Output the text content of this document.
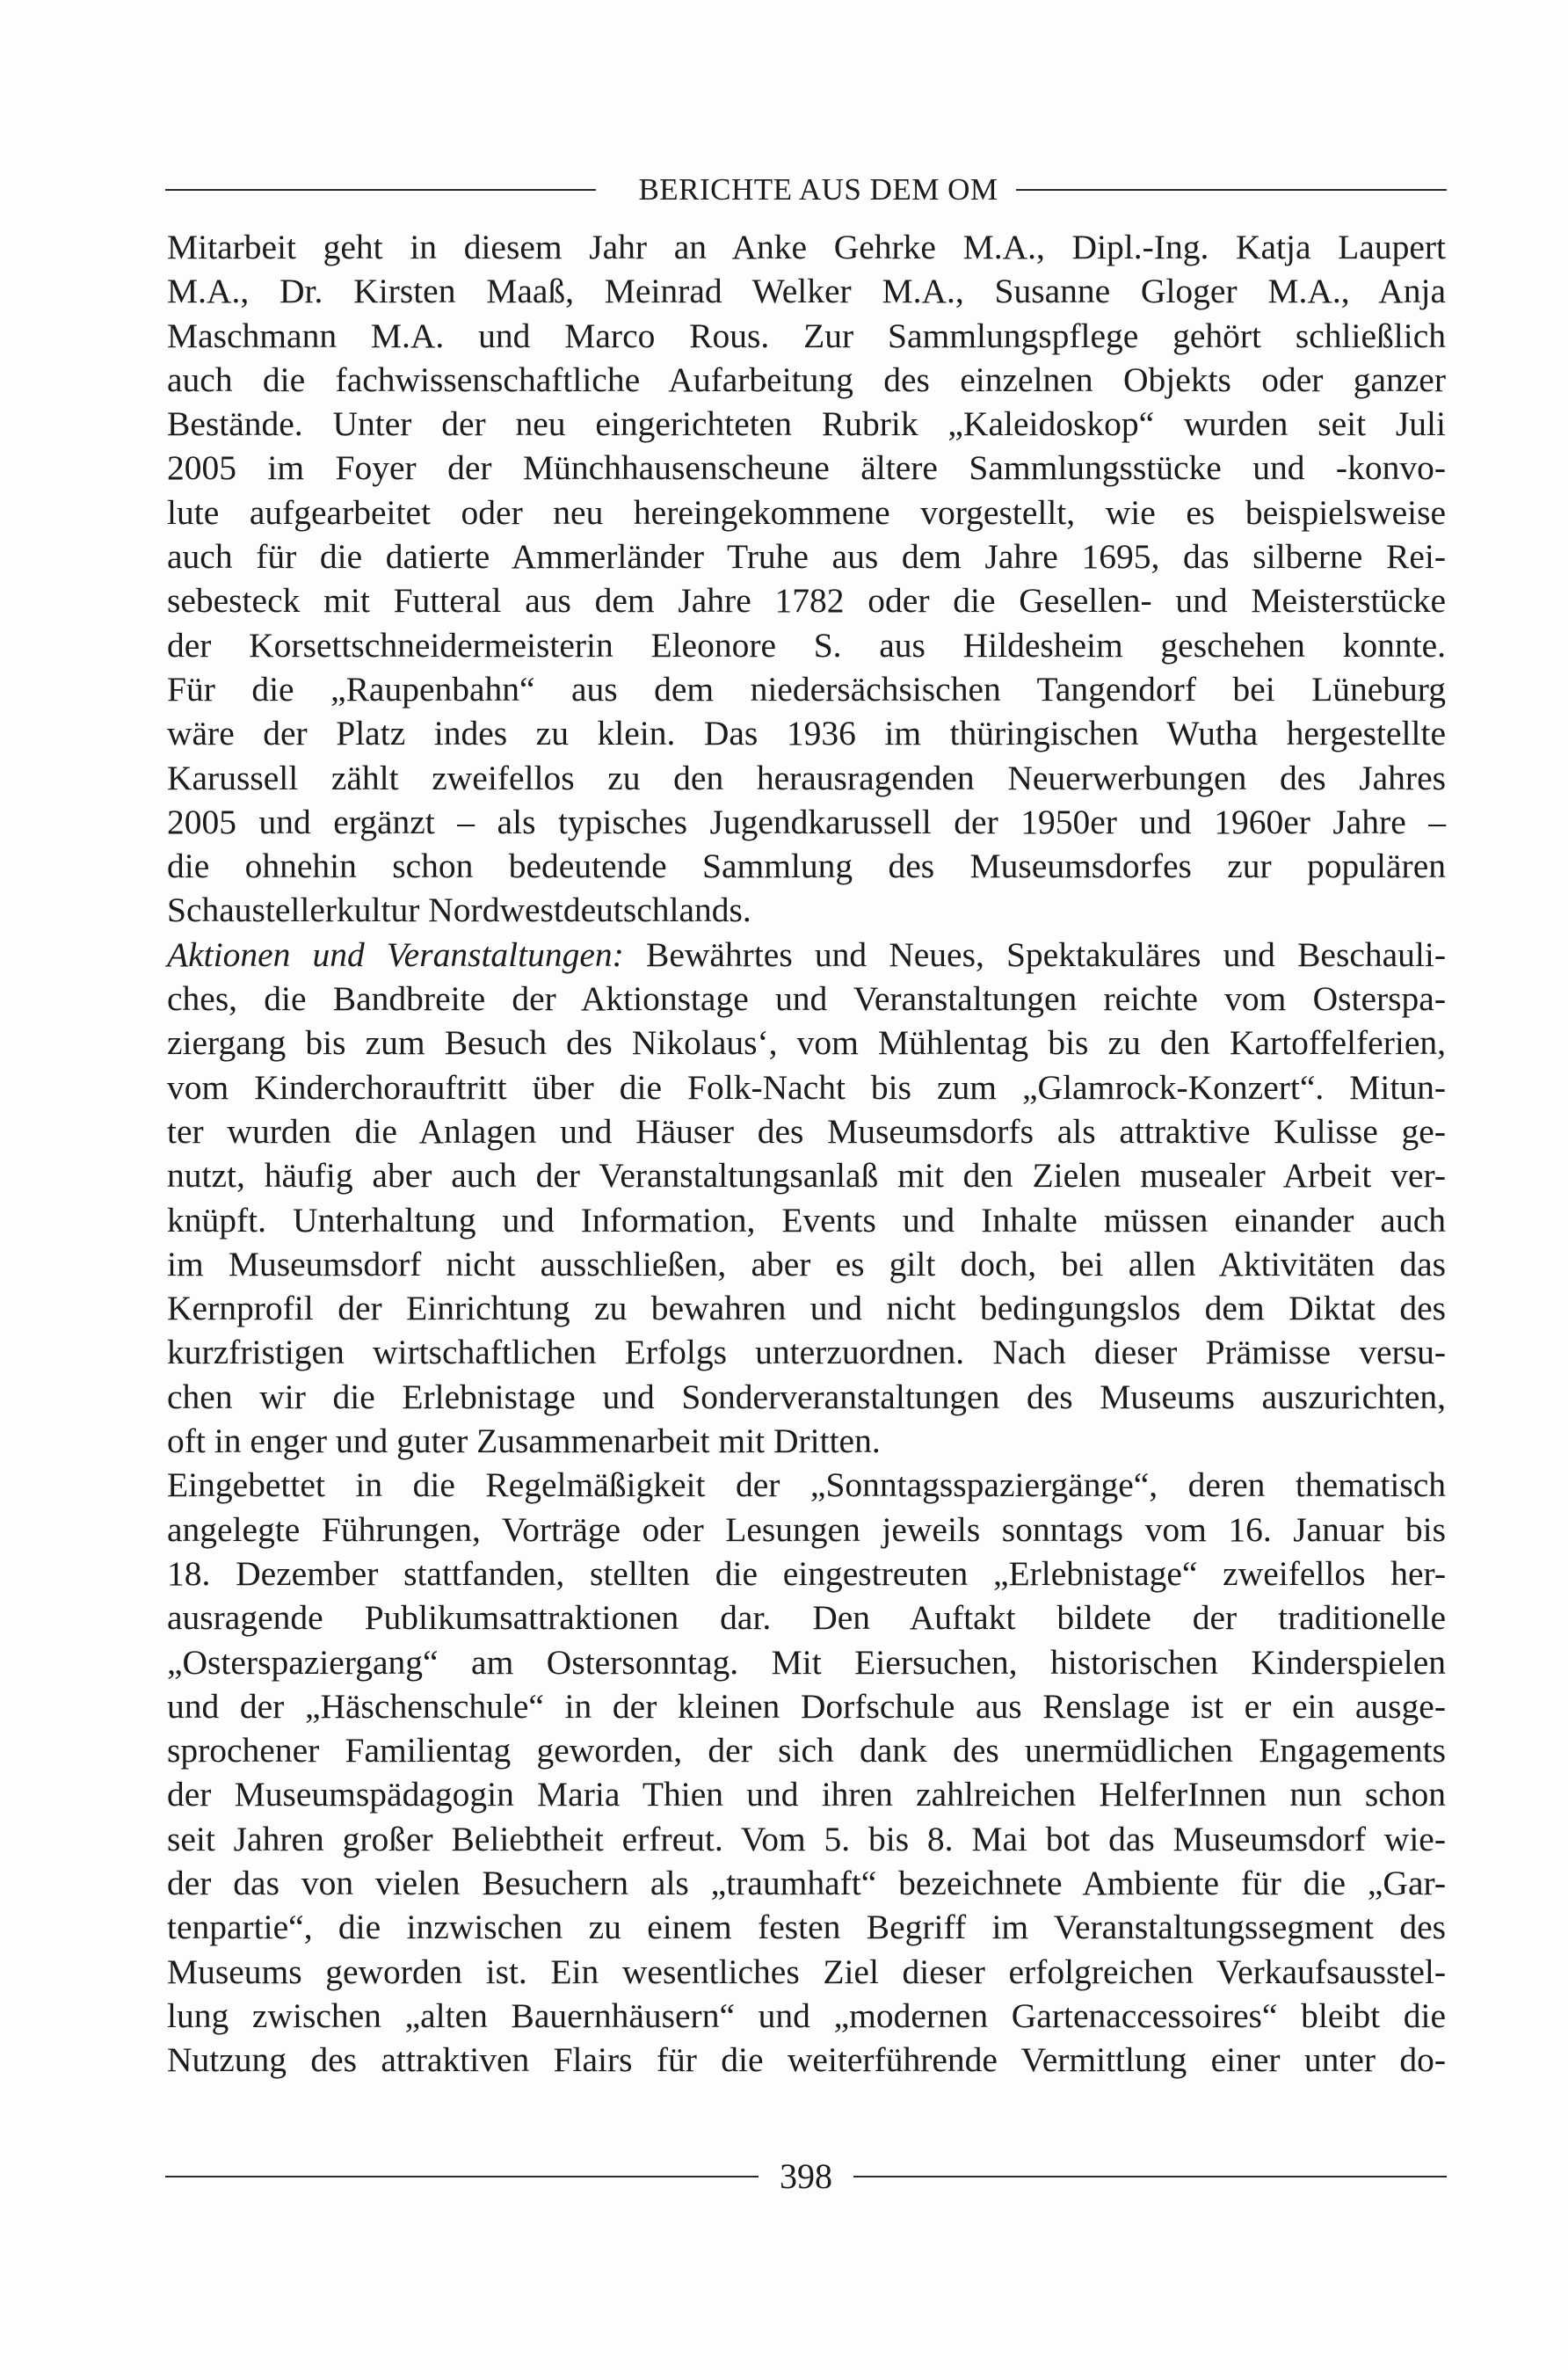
BERICHTE AUS DEM OM
Mitarbeit geht in diesem Jahr an Anke Gehrke M.A., Dipl.-Ing. Katja Laupert
M.A., Dr. Kirsten Maaß, Meinrad Welker M.A., Susanne Gloger M.A., Anja
Maschmann M.A. und Marco Rous. Zur Sammlungspflege gehört schließlich
auch die fachwissenschaftliche Aufarbeitung des einzelnen Objekts oder ganzer
Bestände. Unter der neu eingerichteten Rubrik „Kaleidoskop“ wurden seit Juli
2005 im Foyer der Münchhausenscheune ältere Sammlungsstücke und -konvo-
lute aufgearbeitet oder neu hereingekommene vorgestellt, wie es beispielsweise
auch für die datierte Ammerländer Truhe aus dem Jahre 1695, das silberne Rei-
sebesteck mit Futteral aus dem Jahre 1782 oder die Gesellen- und Meisterstücke
der Korsettschneidermeisterin Eleonore S. aus Hildesheim geschehen konnte.
Für die „Raupenbahn“ aus dem niedersächsischen Tangendorf bei Lüneburg
wäre der Platz indes zu klein. Das 1936 im thüringischen Wutha hergestellte
Karussell zählt zweifellos zu den herausragenden Neuerwerbungen des Jahres
2005 und ergänzt – als typisches Jugendkarussell der 1950er und 1960er Jahre –
die ohnehin schon bedeutende Sammlung des Museumsdorfes zur populären
Schaustellerkultur Nordwestdeutschlands.
Aktionen und Veranstaltungen: Bewährtes und Neues, Spektakuläres und Beschauli-
ches, die Bandbreite der Aktionstage und Veranstaltungen reichte vom Osterspa-
ziergang bis zum Besuch des Nikolaus‘, vom Mühlentag bis zu den Kartoffelferien,
vom Kinderchorauftritt über die Folk-Nacht bis zum „Glamrock-Konzert“. Mitun-
ter wurden die Anlagen und Häuser des Museumsdorfs als attraktive Kulisse ge-
nutzt, häufig aber auch der Veranstaltungsanlaß mit den Zielen musealer Arbeit ver-
knüpft. Unterhaltung und Information, Events und Inhalte müssen einander auch
im Museumsdorf nicht ausschließen, aber es gilt doch, bei allen Aktivitäten das
Kernprofil der Einrichtung zu bewahren und nicht bedingungslos dem Diktat des
kurzfristigen wirtschaftlichen Erfolgs unterzuordnen. Nach dieser Prämisse versu-
chen wir die Erlebnistage und Sonderveranstaltungen des Museums auszurichten,
oft in enger und guter Zusammenarbeit mit Dritten.
Eingebettet in die Regelmäßigkeit der „Sonntagsspaziergänge“, deren thematisch
angelegte Führungen, Vorträge oder Lesungen jeweils sonntags vom 16. Januar bis
18. Dezember stattfanden, stellten die eingestreuten „Erlebnistage“ zweifellos her-
ausragende Publikumsattraktionen dar. Den Auftakt bildete der traditionelle
„Osterspaziergang“ am Ostersonntag. Mit Eiersuchen, historischen Kinderspielen
und der „Häschenschule“ in der kleinen Dorfschule aus Renslage ist er ein ausge-
sprochener Familientag geworden, der sich dank des unermüdlichen Engagements
der Museumspädagogin Maria Thien und ihren zahlreichen HelferInnen nun schon
seit Jahren großer Beliebtheit erfreut. Vom 5. bis 8. Mai bot das Museumsdorf wie-
der das von vielen Besuchern als „traumhaft“ bezeichnete Ambiente für die „Gar-
tenpartie“, die inzwischen zu einem festen Begriff im Veranstaltungssegment des
Museums geworden ist. Ein wesentliches Ziel dieser erfolgreichen Verkaufsausstel-
lung zwischen „alten Bauernhäusern“ und „modernen Gartenaccessoires“ bleibt die
Nutzung des attraktiven Flairs für die weiterführende Vermittlung einer unter do-
398
